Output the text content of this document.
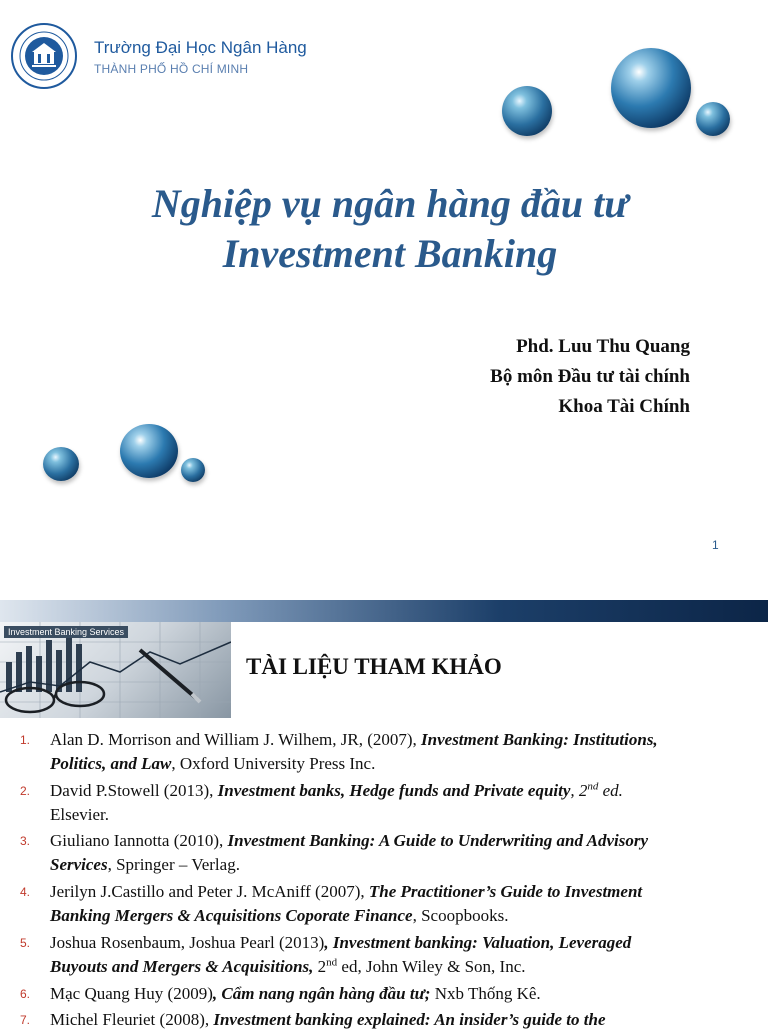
Trường Đại Học Ngân Hàng
THÀNH PHỐ HỒ CHÍ MINH
Nghiệp vụ ngân hàng đầu tư
Investment Banking
Phd. Luu Thu Quang
Bộ môn Đầu tư tài chính
Khoa Tài Chính
1
Investment Banking Services
TÀI LIỆU THAM KHẢO
1.	Alan D. Morrison and William J. Wilhem, JR, (2007), Investment Banking: Institutions,
Politics, and Law, Oxford University Press Inc.
2.	David P.Stowell (2013), Investment banks, Hedge funds and Private equity, 2nd ed.
Elsevier.
3.	Giuliano Iannotta (2010), Investment Banking: A Guide to Underwriting and Advisory
Services, Springer – Verlag.
4.	Jerilyn J.Castillo and Peter J. McAniff (2007), The Practitioner’s Guide to Investment
Banking Mergers & Acquisitions Coporate Finance, Scoopbooks.
5.	Joshua Rosenbaum, Joshua Pearl (2013), Investment banking: Valuation, Leveraged
Buyouts and Mergers & Acquisitions, 2nd ed, John Wiley & Son, Inc.
6.	Mạc Quang Huy (2009), Cẩm nang ngân hàng đầu tư; Nxb Thống Kê.
7.	Michel Fleuriet (2008), Investment banking explained: An insider’s guide to the
